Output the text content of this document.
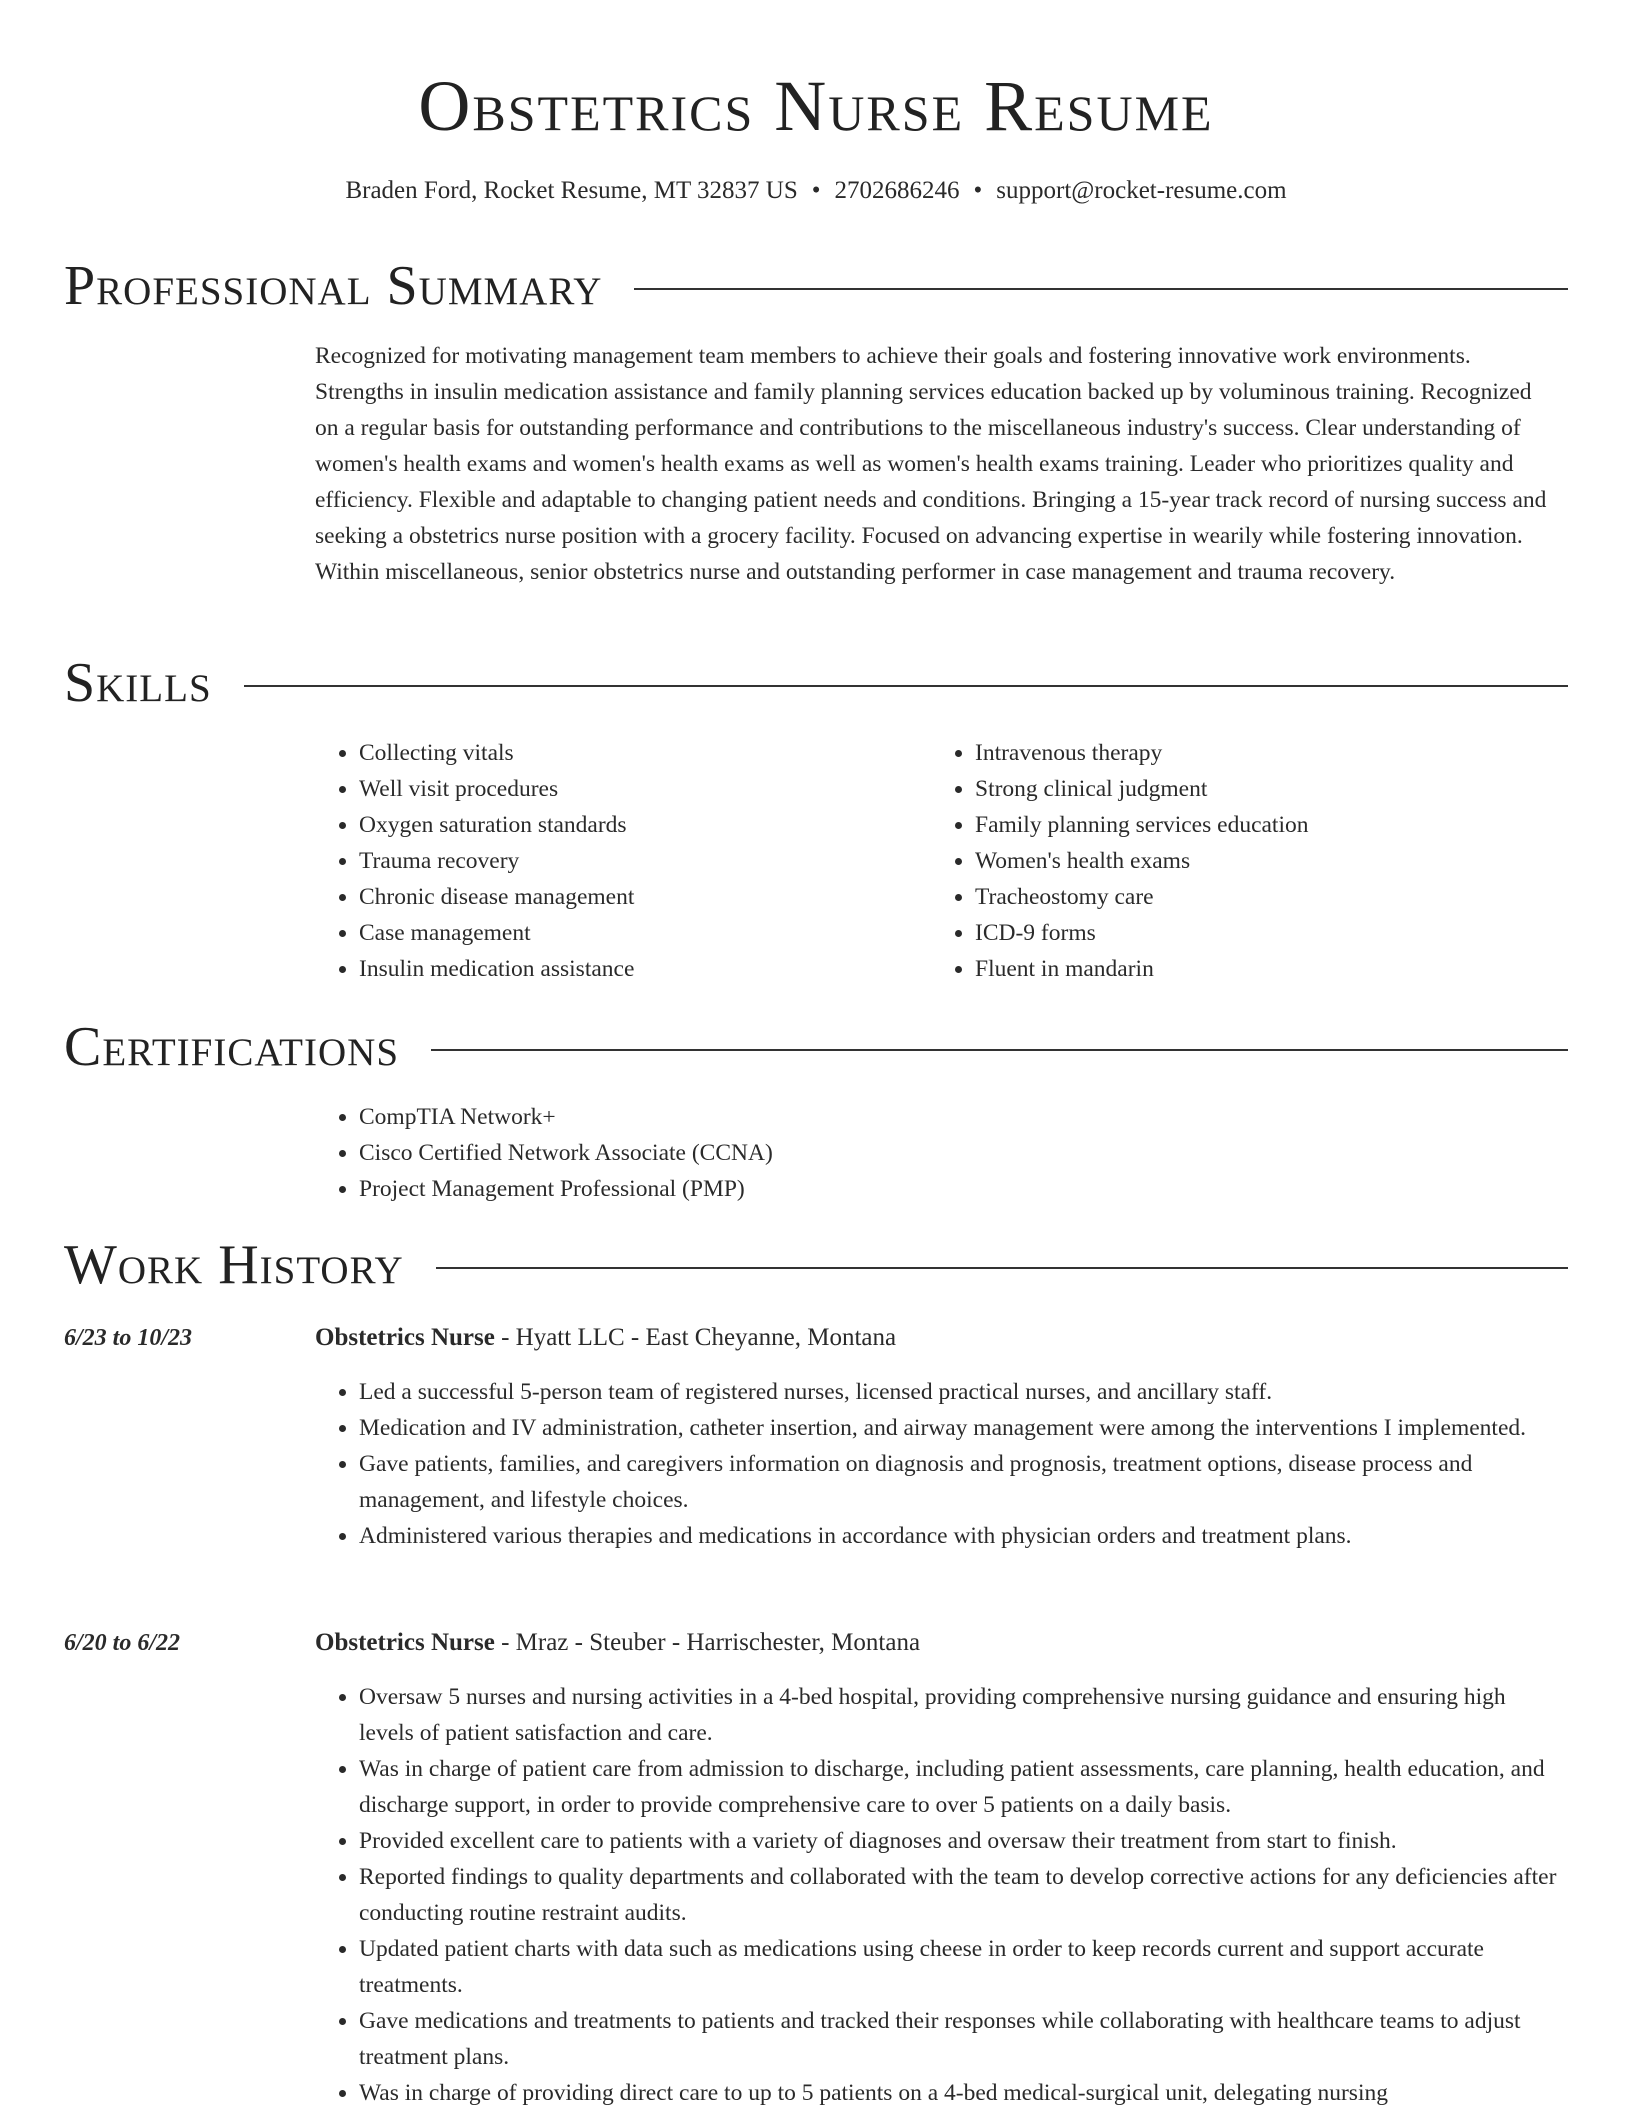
Obstetrics Nurse Resume
Braden Ford, Rocket Resume, MT 32837 US • 2702686246 • support@rocket-resume.com
Professional Summary

Recognized for motivating management team members to achieve their goals and fostering innovative work environments. Strengths in insulin medication assistance and family planning services education backed up by voluminous training. Recognized on a regular basis for outstanding performance and contributions to the miscellaneous industry's success. Clear understanding of women's health exams and women's health exams as well as women's health exams training. Leader who prioritizes quality and efficiency. Flexible and adaptable to changing patient needs and conditions. Bringing a 15-year track record of nursing success and seeking a obstetrics nurse position with a grocery facility. Focused on advancing expertise in wearily while fostering innovation. Within miscellaneous, senior obstetrics nurse and outstanding performer in case management and trauma recovery.

Skills
• Collecting vitals
• Well visit procedures
• Oxygen saturation standards
• Trauma recovery
• Chronic disease management
• Case management
• Insulin medication assistance
• Intravenous therapy
• Strong clinical judgment
• Family planning services education
• Women's health exams
• Tracheostomy care
• ICD-9 forms
• Fluent in mandarin
Certifications
• CompTIA Network+
• Cisco Certified Network Associate (CCNA)
• Project Management Professional (PMP)
Work History
6/23 to 10/23	Obstetrics Nurse - Hyatt LLC - East Cheyanne, Montana
• Led a successful 5-person team of registered nurses, licensed practical nurses, and ancillary staff.
• Medication and IV administration, catheter insertion, and airway management were among the interventions I implemented.
• Gave patients, families, and caregivers information on diagnosis and prognosis, treatment options, disease process and management, and lifestyle choices.
• Administered various therapies and medications in accordance with physician orders and treatment plans.
6/20 to 6/22	Obstetrics Nurse - Mraz - Steuber - Harrischester, Montana
• Oversaw 5 nurses and nursing activities in a 4-bed hospital, providing comprehensive nursing guidance and ensuring high levels of patient satisfaction and care.
• Was in charge of patient care from admission to discharge, including patient assessments, care planning, health education, and discharge support, in order to provide comprehensive care to over 5 patients on a daily basis.
• Provided excellent care to patients with a variety of diagnoses and oversaw their treatment from start to finish.
• Reported findings to quality departments and collaborated with the team to develop corrective actions for any deficiencies after conducting routine restraint audits.
• Updated patient charts with data such as medications using cheese in order to keep records current and support accurate treatments.
• Gave medications and treatments to patients and tracked their responses while collaborating with healthcare teams to adjust treatment plans.
• Was in charge of providing direct care to up to 5 patients on a 4-bed medical-surgical unit, delegating nursing
